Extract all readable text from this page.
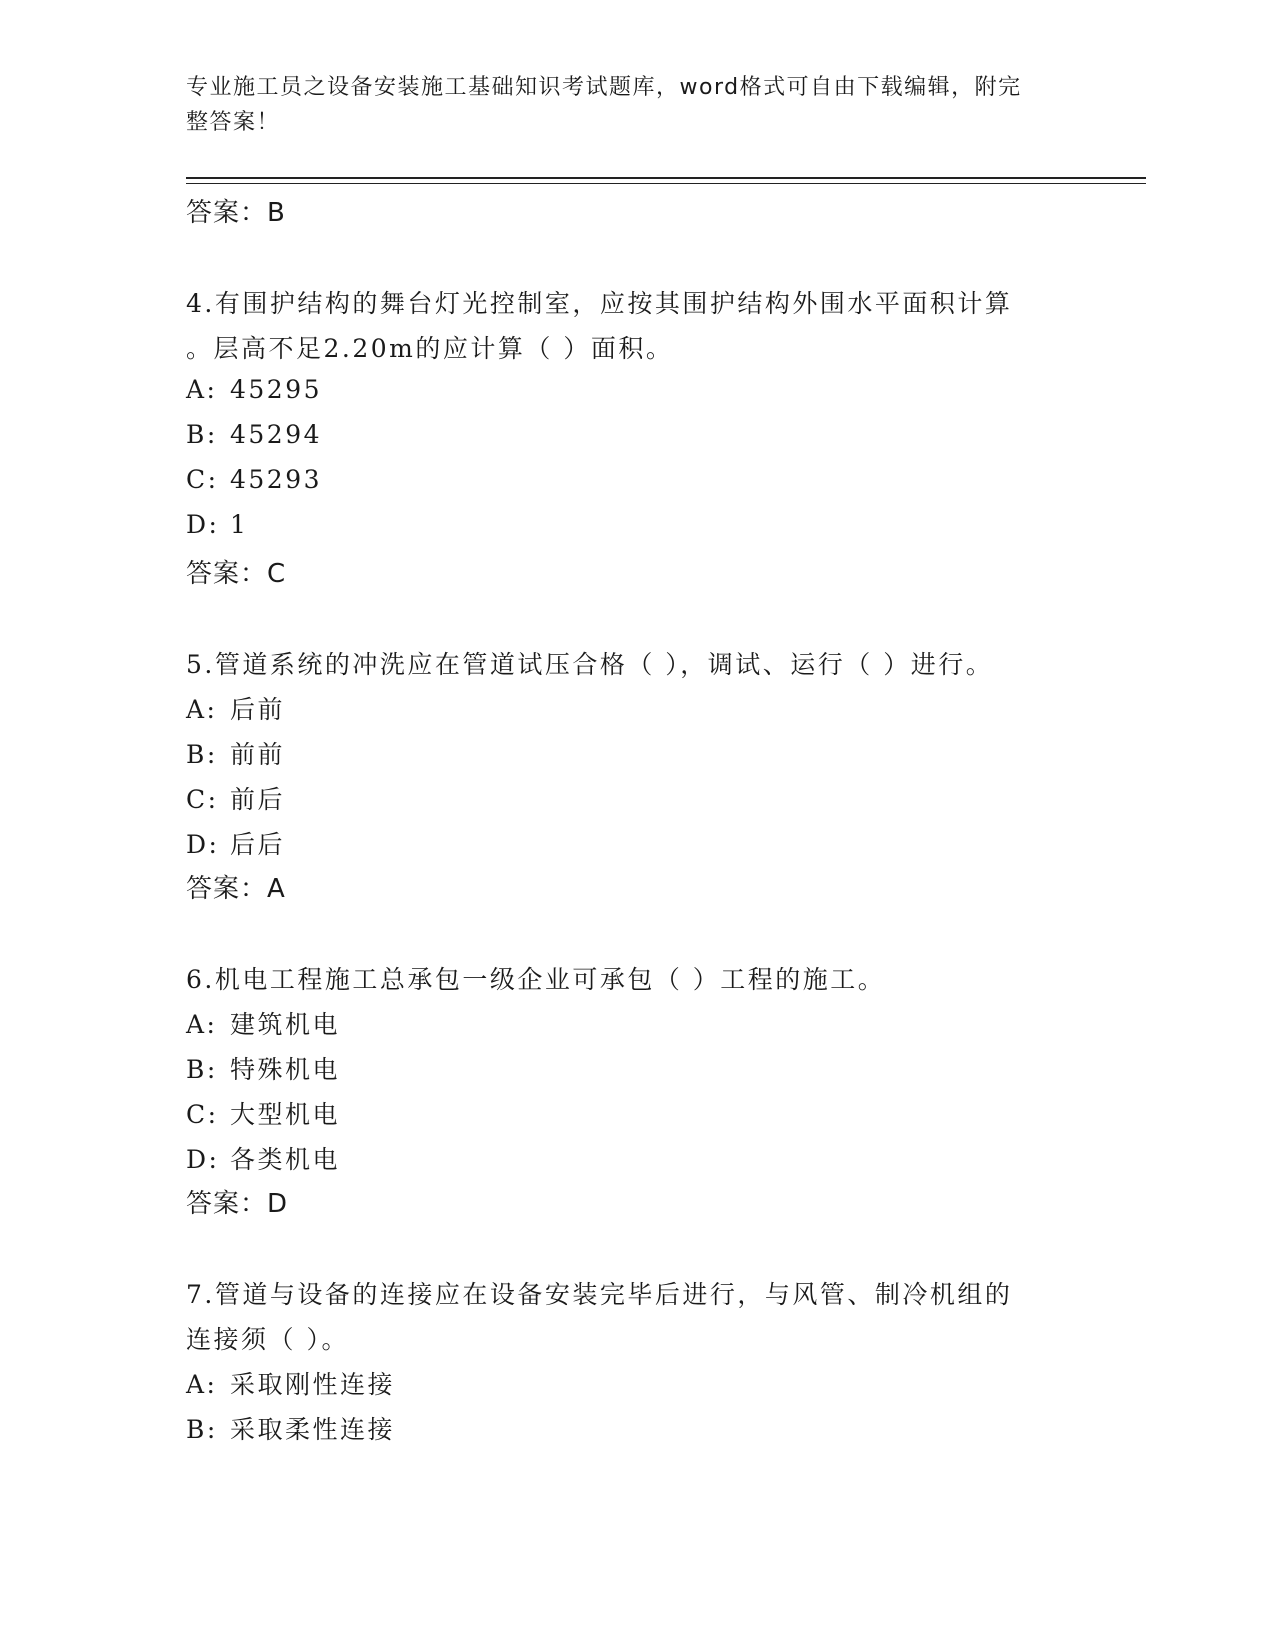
专业施工员之设备安装施工基础知识考试题库，word格式可自由下载编辑，附完
整答案！
答案：B
4.有围护结构的舞台灯光控制室，应按其围护结构外围水平面积计算
。层高不足2.20m的应计算（ ）面积。
A: 45295
B: 45294
C: 45293
D: 1
答案：C
5.管道系统的冲洗应在管道试压合格（ ），调试、运行（ ）进行。
A: 后前
B: 前前
C: 前后
D: 后后
答案：A
6.机电工程施工总承包一级企业可承包（ ）工程的施工。
A: 建筑机电
B: 特殊机电
C: 大型机电
D: 各类机电
答案：D
7.管道与设备的连接应在设备安装完毕后进行，与风管、制冷机组的
连接须（ ）。
A: 采取刚性连接
B: 采取柔性连接
